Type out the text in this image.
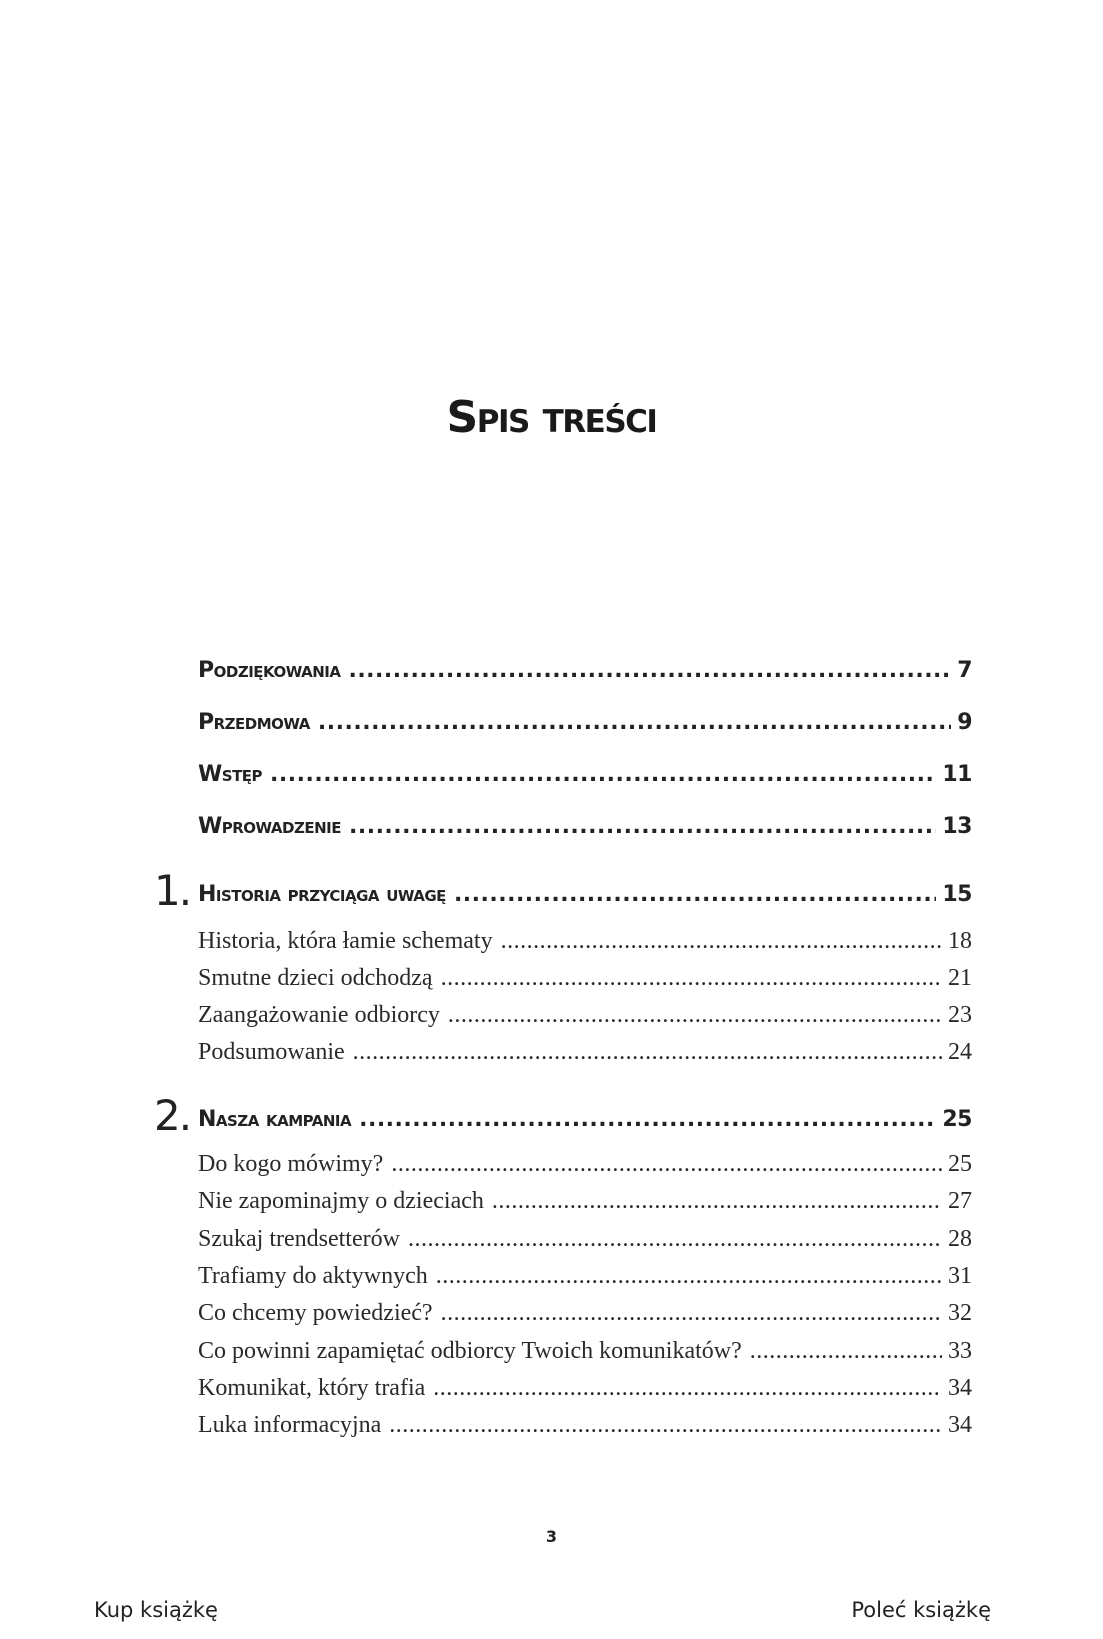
Spis treści
Podziękowania .....	7
Przedmowa .....	9
Wstęp .....	11
Wprowadzenie .....	13
1. Historia przyciąga uwagę .....	15
Historia, która łamie schematy .....	18
Smutne dzieci odchodzą .....	21
Zaangażowanie odbiorcy .....	23
Podsumowanie .....	24
2. Nasza kampania .....	25
Do kogo mówimy? .....	25
Nie zapominajmy o dzieciach .....	27
Szukaj trendsetterów .....	28
Trafiamy do aktywnych .....	31
Co chcemy powiedzieć? .....	32
Co powinni zapamiętać odbiorcy Twoich komunikatów? .....	33
Komunikat, który trafia .....	34
Luka informacyjna .....	34
3
Kup książkę	Poleć książkę
